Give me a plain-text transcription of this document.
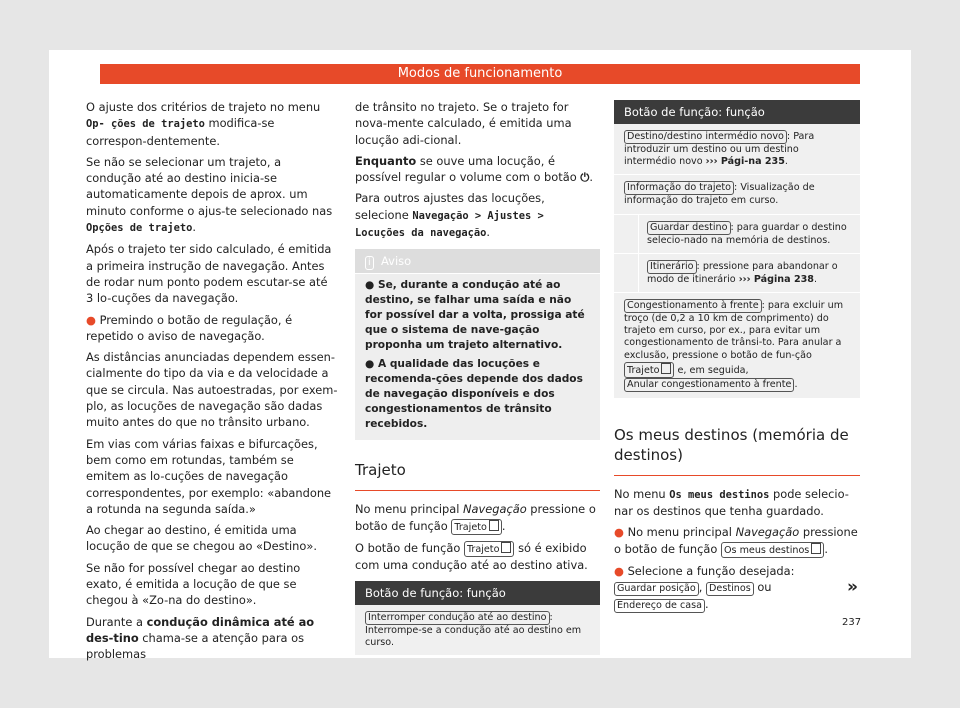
Modos de funcionamento

O ajuste dos critérios de trajeto no menu Op- ções de trajeto modifica-se correspon-dentemente.

Se não se selecionar um trajeto, a condução até ao destino inicia-se automaticamente depois de aprox. um minuto conforme o ajus-te selecionado nas Opções de trajeto.

Após o trajeto ter sido calculado, é emitida a primeira instrução de navegação. Antes de rodar num ponto podem escutar-se até 3 lo-cuções da navegação.

● Premindo o botão de regulação, é repetido o aviso de navegação.

As distâncias anunciadas dependem essen-cialmente do tipo da via e da velocidade a que se circula. Nas autoestradas, por exem-plo, as locuções de navegação são dadas muito antes do que no trânsito urbano.

Em vias com várias faixas e bifurcações, bem como em rotundas, também se emitem as lo-cuções de navegação correspondentes, por exemplo: «abandone a rotunda na segunda saída.»

Ao chegar ao destino, é emitida uma locução de que se chegou ao «Destino».

Se não for possível chegar ao destino exato, é emitida a locução de que se chegou à «Zo-na do destino».

Durante a condução dinâmica até ao des-tino chama-se a atenção para os problemas

de trânsito no trajeto. Se o trajeto for nova-mente calculado, é emitida uma locução adi-cional.

Enquanto se ouve uma locução, é possível regular o volume com o botão ⏻.

Para outros ajustes das locuções, selecione Navegação > Ajustes > Locuções da navegação.

i Aviso
● Se, durante a condução até ao destino, se falhar uma saída e não for possível dar a volta, prossiga até que o sistema de nave-gação proponha um trajeto alternativo.
● A qualidade das locuções e recomenda-ções depende dos dados de navegação disponíveis e dos congestionamentos de trânsito recebidos.
Trajeto

No menu principal Navegação pressione o botão de função Trajeto .

O botão de função Trajeto só é exibido com uma condução até ao destino ativa.

Botão de função: função
Interromper condução até ao destino : Interrompe-se a condução até ao destino em curso.
Botão de função: função
Destino/destino intermédio novo : Para introduzir um destino ou um destino intermédio novo ››› Pági-na 235.
Informação do trajeto : Visualização de informação do trajeto em curso.
Guardar destino : para guardar o destino selecio-nado na memória de destinos.
Itinerário : pressione para abandonar o modo de itinerário ››› Página 238.
Congestionamento à frente : para excluir um troço (de 0,2 a 10 km de comprimento) do trajeto em curso, por ex., para evitar um congestionamento de trânsi-to. Para anular a exclusão, pressione o botão de fun-ção Trajeto e, em seguida, Anular congestionamento à frente .
Os meus destinos (memória de destinos)

No menu Os meus destinos pode selecio-nar os destinos que tenha guardado.

● No menu principal Navegação pressione o botão de função Os meus destinos .

● Selecione a função desejada:
Guardar posição , Destinos ou
Endereço de casa .

»
237
